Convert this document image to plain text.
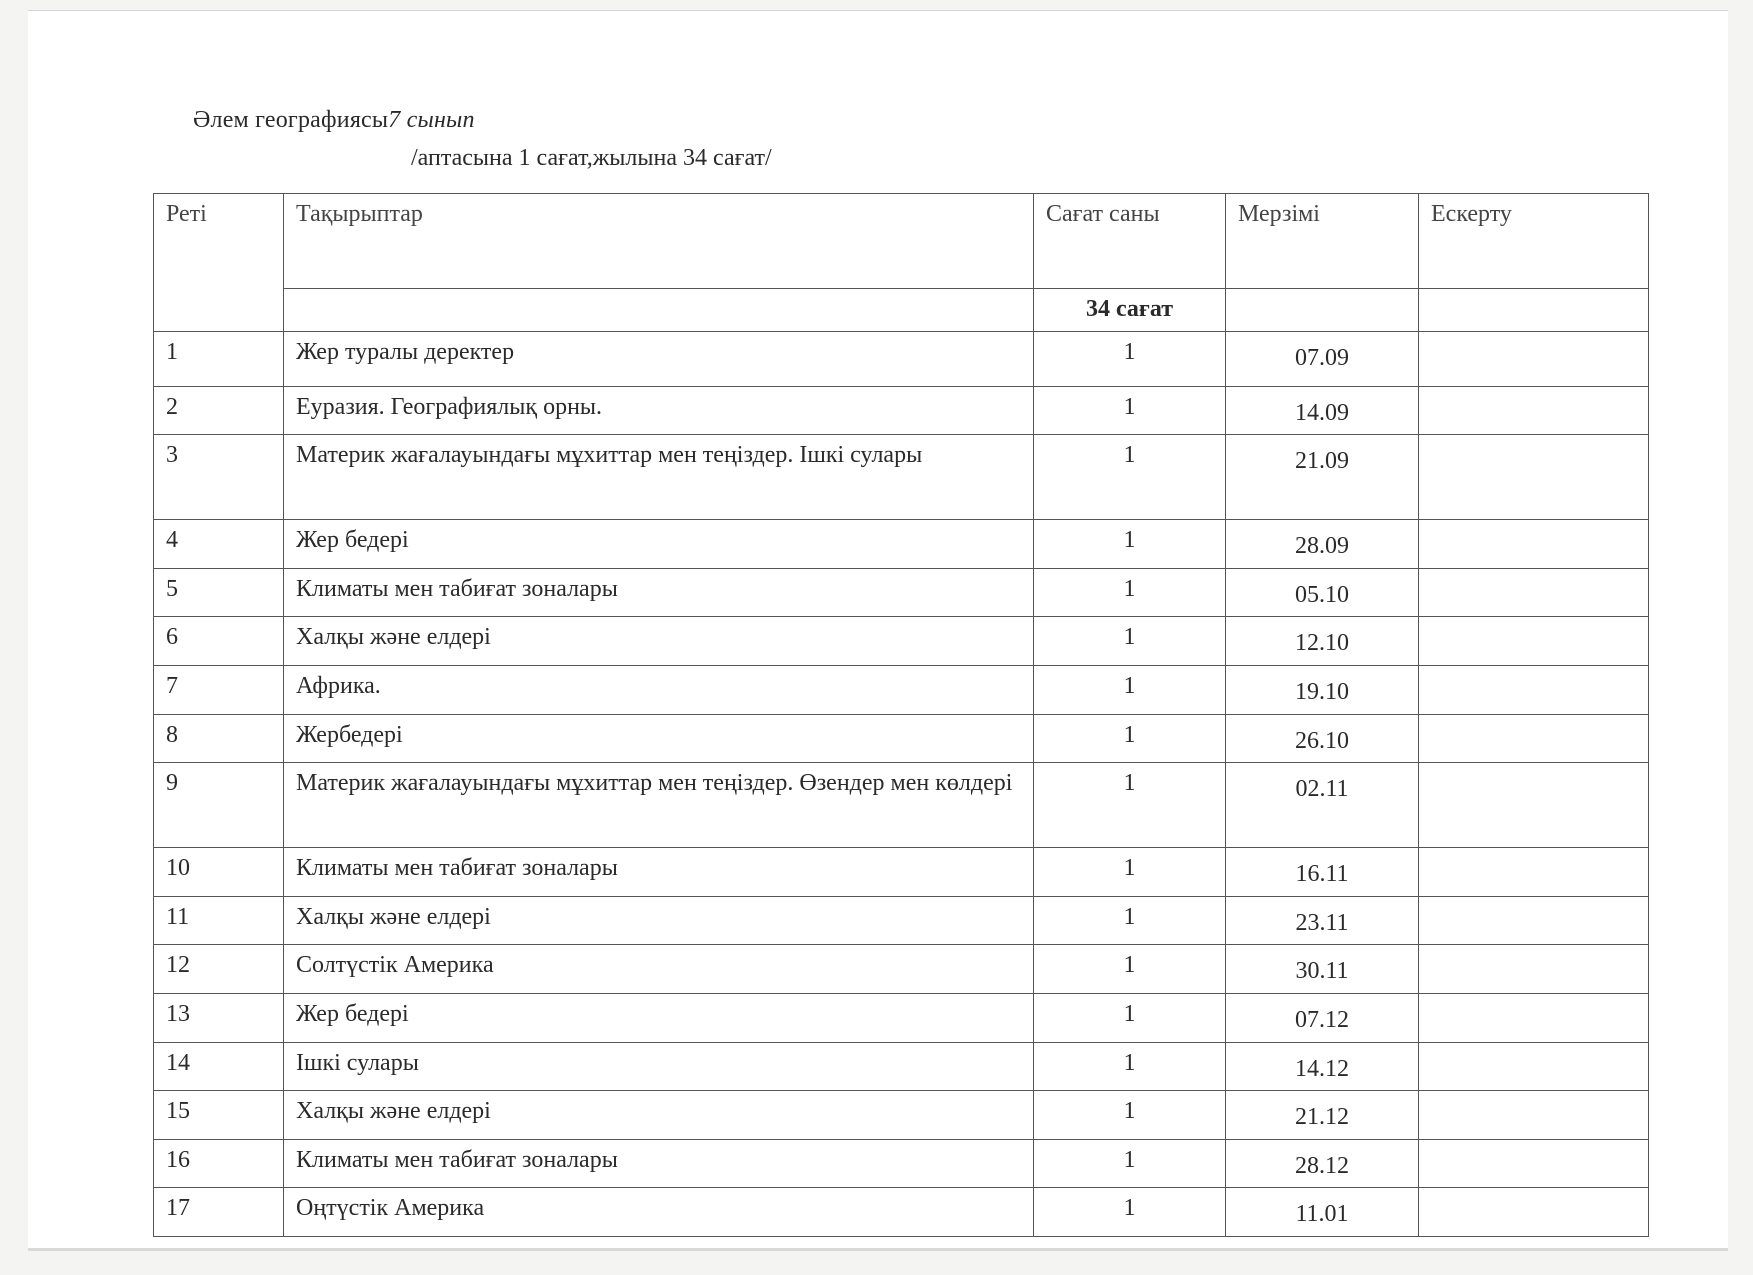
Әлем географиясы7 сынып
/аптасына 1 сағат,жылына 34 сағат/
Реті	Тақырыптар	Сағат саны	Мерзімі	Ескерту
		34 сағат		
1	Жер туралы деректер	1	07.09	
2	Еуразия. Географиялық орны.	1	14.09	
3	Материк жағалауындағы мұхиттар мен теңіздер. Ішкі сулары	1	21.09	
4	Жер бедері	1	28.09	
5	Климаты мен табиғат зоналары	1	05.10	
6	Халқы және елдері	1	12.10	
7	Африка.	1	19.10	
8	Жербедері	1	26.10	
9	Материк жағалауындағы мұхиттар мен теңіздер. Өзендер мен көлдері	1	02.11	
10	Климаты мен табиғат зоналары	1	16.11	
11	Халқы және елдері	1	23.11	
12	Солтүстік Америка	1	30.11	
13	Жер бедері	1	07.12	
14	Ішкі сулары	1	14.12	
15	Халқы және елдері	1	21.12	
16	Климаты мен табиғат зоналары	1	28.12	
17	Оңтүстік Америка	1	11.01	
